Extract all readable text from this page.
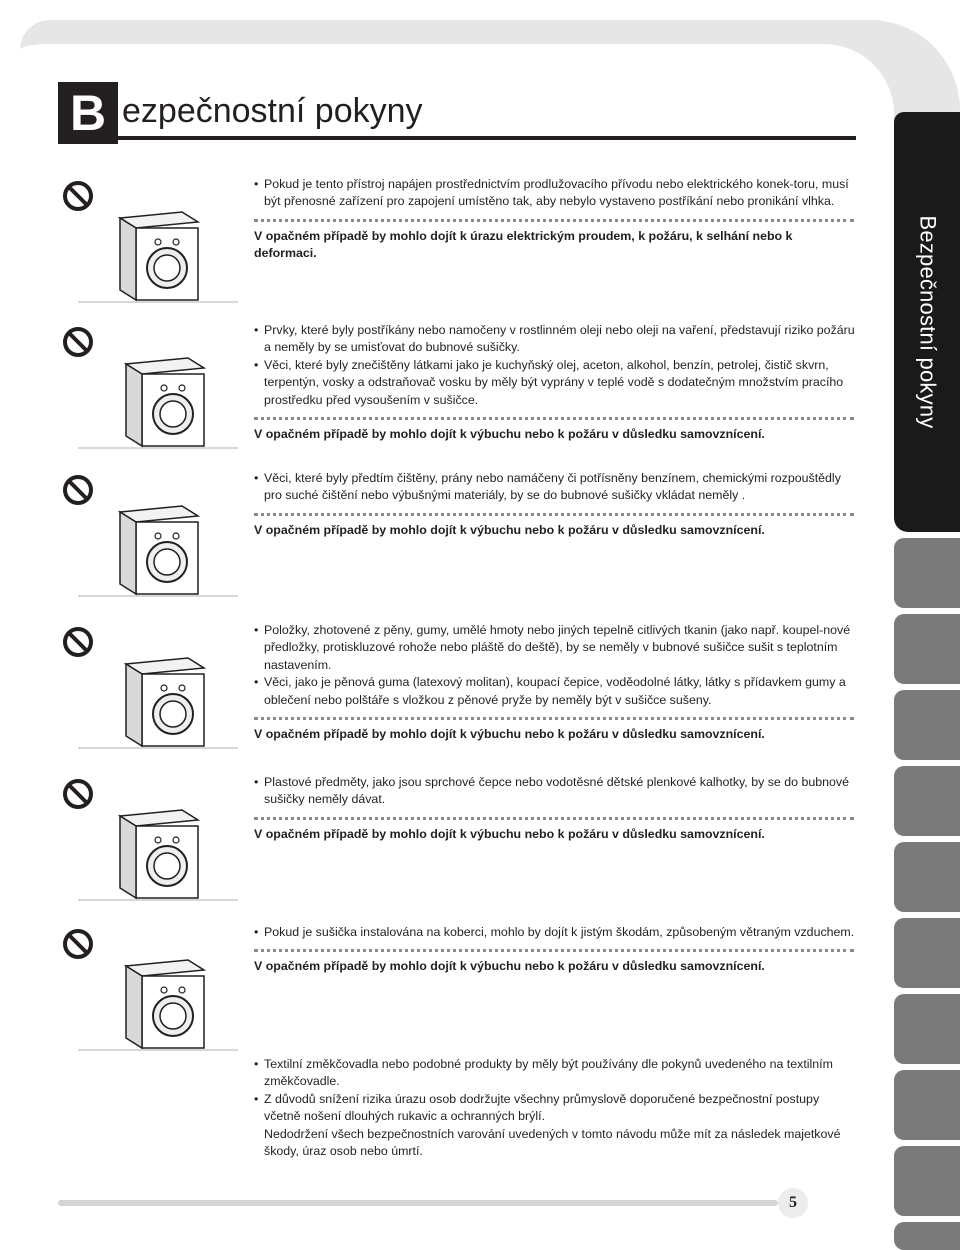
Bezpečnostní pokyny
B ezpečnostní pokyny

• Pokud je tento přístroj napájen prostřednictvím prodlužovacího přívodu nebo elektrického konek-toru, musí být přenosné zařízení pro zapojení umístěno tak, aby nebylo vystaveno postříkání nebo pronikání vlhka.

V opačném případě by mohlo dojít k úrazu elektrickým proudem, k požáru, k selhání nebo k deformaci.

• Prvky, které byly postříkány nebo namočeny v rostlinném oleji nebo oleji na vaření, představují riziko požáru a neměly by se umisťovat do bubnové sušičky.

• Věci, které byly znečištěny látkami jako je kuchyňský olej, aceton, alkohol, benzín, petrolej, čistič skvrn, terpentýn, vosky a odstraňovač vosku by měly být vyprány v teplé vodě s dodatečným množstvím pracího prostředku před vysoušením v sušičce.

V opačném případě by mohlo dojít k výbuchu nebo k požáru v důsledku samovznícení.

• Věci, které byly předtím čištěny, prány nebo namáčeny či potřísněny benzínem, chemickými rozpouštědly pro suché čištění nebo výbušnými materiály, by se do bubnové sušičky vkládat neměly .

V opačném případě by mohlo dojít k výbuchu nebo k požáru v důsledku samovznícení.

• Položky, zhotovené z pěny, gumy, umělé hmoty nebo jiných tepelně citlivých tkanin (jako např. koupel-nové předložky, protiskluzové rohože nebo pláště do deště), by se neměly v bubnové sušičce sušit s teplotním nastavením.

• Věci, jako je pěnová guma (latexový molitan), koupací čepice, voděodolné látky, látky s přídavkem gumy a oblečení nebo polštáře s vložkou z pěnové pryže by neměly být v sušičce sušeny.

V opačném případě by mohlo dojít k výbuchu nebo k požáru v důsledku samovznícení.

• Plastové předměty, jako jsou sprchové čepce nebo vodotěsné dětské plenkové kalhotky, by se do bubnové sušičky neměly dávat.

V opačném případě by mohlo dojít k výbuchu nebo k požáru v důsledku samovznícení.

• Pokud je sušička instalována na koberci, mohlo by dojít k jistým škodám, způsobeným větraným vzduchem.

V opačném případě by mohlo dojít k výbuchu nebo k požáru v důsledku samovznícení.

• Textilní změkčovadla nebo podobné produkty by měly být používány dle pokynů uvedeného na textilním změkčovadle.

• Z důvodů snížení rizika úrazu osob dodržujte všechny průmyslově doporučené bezpečnostní postupy včetně nošení dlouhých rukavic a ochranných brýlí.

Nedodržení všech bezpečnostních varování uvedených v tomto návodu může mít za následek majetkové škody, úraz osob nebo úmrtí.

5
